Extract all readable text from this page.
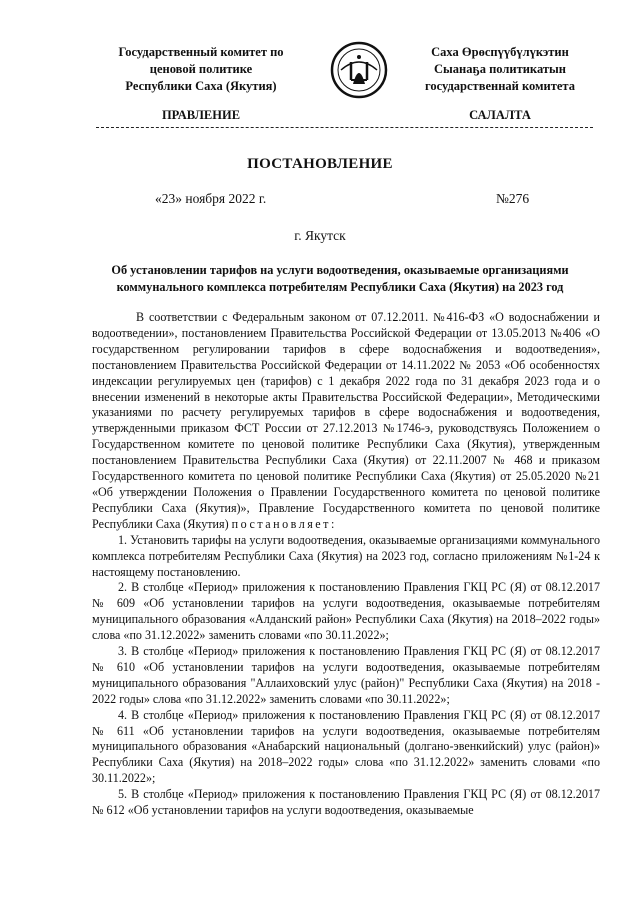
Государственный комитет по
ценовой политике
Республики Саха (Якутия)
Саха Өрөспүүбүлүкэтин
Сыанаҕа политикатын
государственнай комитета
ПРАВЛЕНИЕ	САЛАЛТА
ПОСТАНОВЛЕНИЕ
«23» ноября 2022 г.	№276
г. Якутск
Об установлении тарифов на услуги водоотведения, оказываемые организациями
коммунального комплекса потребителям Республики Саха (Якутия) на 2023 год

В соответствии с Федеральным законом от 07.12.2011. №416-ФЗ «О водоснабжении и водоотведении», постановлением Правительства Российской Федерации от 13.05.2013 №406 «О государственном регулировании тарифов в сфере водоснабжения и водоотведения», постановлением Правительства Российской Федерации от 14.11.2022 № 2053 «Об особенностях индексации регулируемых цен (тарифов) с 1 декабря 2022 года по 31 декабря 2023 года и о внесении изменений в некоторые акты Правительства Российской Федерации», Методическими указаниями по расчету регулируемых тарифов в сфере водоснабжения и водоотведения, утвержденными приказом ФСТ России от 27.12.2013 №1746-э, руководствуясь Положением о Государственном комитете по ценовой политике Республики Саха (Якутия), утвержденным постановлением Правительства Республики Саха (Якутия) от 22.11.2007 № 468 и приказом Государственного комитета по ценовой политике Республики Саха (Якутия) от 25.05.2020 №21 «Об утверждении Положения о Правлении Государственного комитета по ценовой политике Республики Саха (Якутия)», Правление Государственного комитета по ценовой политике Республики Саха (Якутия) постановляет:

1. Установить тарифы на услуги водоотведения, оказываемые организациями коммунального комплекса потребителям Республики Саха (Якутия) на 2023 год, согласно приложениям №1-24 к настоящему постановлению.

2. В столбце «Период» приложения к постановлению Правления ГКЦ РС (Я) от 08.12.2017 № 609 «Об установлении тарифов на услуги водоотведения, оказываемые потребителям муниципального образования «Алданский район» Республики Саха (Якутия) на 2018–2022 годы» слова «по 31.12.2022» заменить словами «по 30.11.2022»;

3. В столбце «Период» приложения к постановлению Правления ГКЦ РС (Я) от 08.12.2017 № 610 «Об установлении тарифов на услуги водоотведения, оказываемые потребителям муниципального образования "Аллаиховский улус (район)" Республики Саха (Якутия) на 2018 - 2022 годы» слова «по 31.12.2022» заменить словами «по 30.11.2022»;

4. В столбце «Период» приложения к постановлению Правления ГКЦ РС (Я) от 08.12.2017 № 611 «Об установлении тарифов на услуги водоотведения, оказываемые потребителям муниципального образования «Анабарский национальный (долгано-эвенкийский) улус (район)» Республики Саха (Якутия) на 2018–2022 годы» слова «по 31.12.2022» заменить словами «по 30.11.2022»;

5. В столбце «Период» приложения к постановлению Правления ГКЦ РС (Я) от 08.12.2017 № 612 «Об установлении тарифов на услуги водоотведения, оказываемые
